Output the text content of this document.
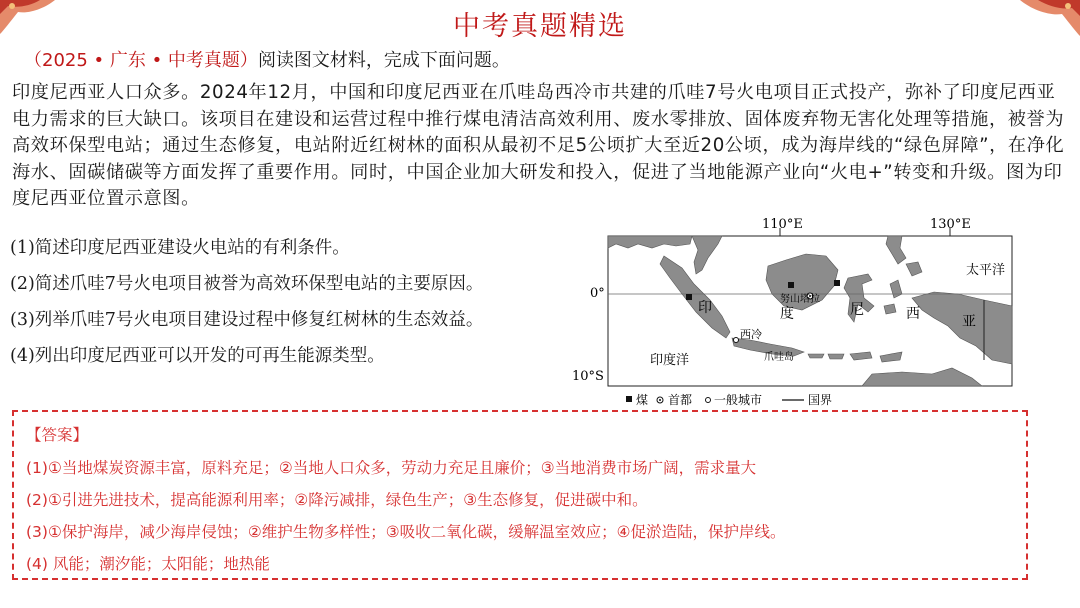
中考真题精选
（2025 • 广东 • 中考真题）阅读图文材料，完成下面问题。
印度尼西亚人口众多。2024年12月，中国和印度尼西亚在爪哇岛西冷市共建的爪哇7号火电项目正式投产，弥补了印度尼西亚电力需求的巨大缺口。该项目在建设和运营过程中推行煤电清洁高效利用、废水零排放、固体废弃物无害化处理等措施，被誉为高效环保型电站；通过生态修复，电站附近红树林的面积从最初不足5公顷扩大至近20公顷，成为海岸线的“绿色屏障”，在净化海水、固碳储碳等方面发挥了重要作用。同时，中国企业加大研发和投入，促进了当地能源产业向“火电+”转变和升级。图为印度尼西亚位置示意图。
(1)简述印度尼西亚建设火电站的有利条件。
(2)简述爪哇7号火电项目被誉为高效环保型电站的主要原因。
(3)列举爪哇7号火电项目建设过程中修复红树林的生态效益。
(4)列出印度尼西亚可以开发的可再生能源类型。
110°E	130°E
0°
10°S
努山塔拉
西冷
爪哇岛
印	度	尼	西	亚
太平洋
印度洋
煤 首都 一般城市	国界
【答案】
(1)①当地煤炭资源丰富，原料充足；②当地人口众多，劳动力充足且廉价；③当地消费市场广阔，需求量大
(2)①引进先进技术，提高能源利用率；②降污减排，绿色生产；③生态修复，促进碳中和。
(3)①保护海岸，减少海岸侵蚀；②维护生物多样性；③吸收二氧化碳，缓解温室效应；④促淤造陆，保护岸线。
(4) 风能；潮汐能；太阳能；地热能
